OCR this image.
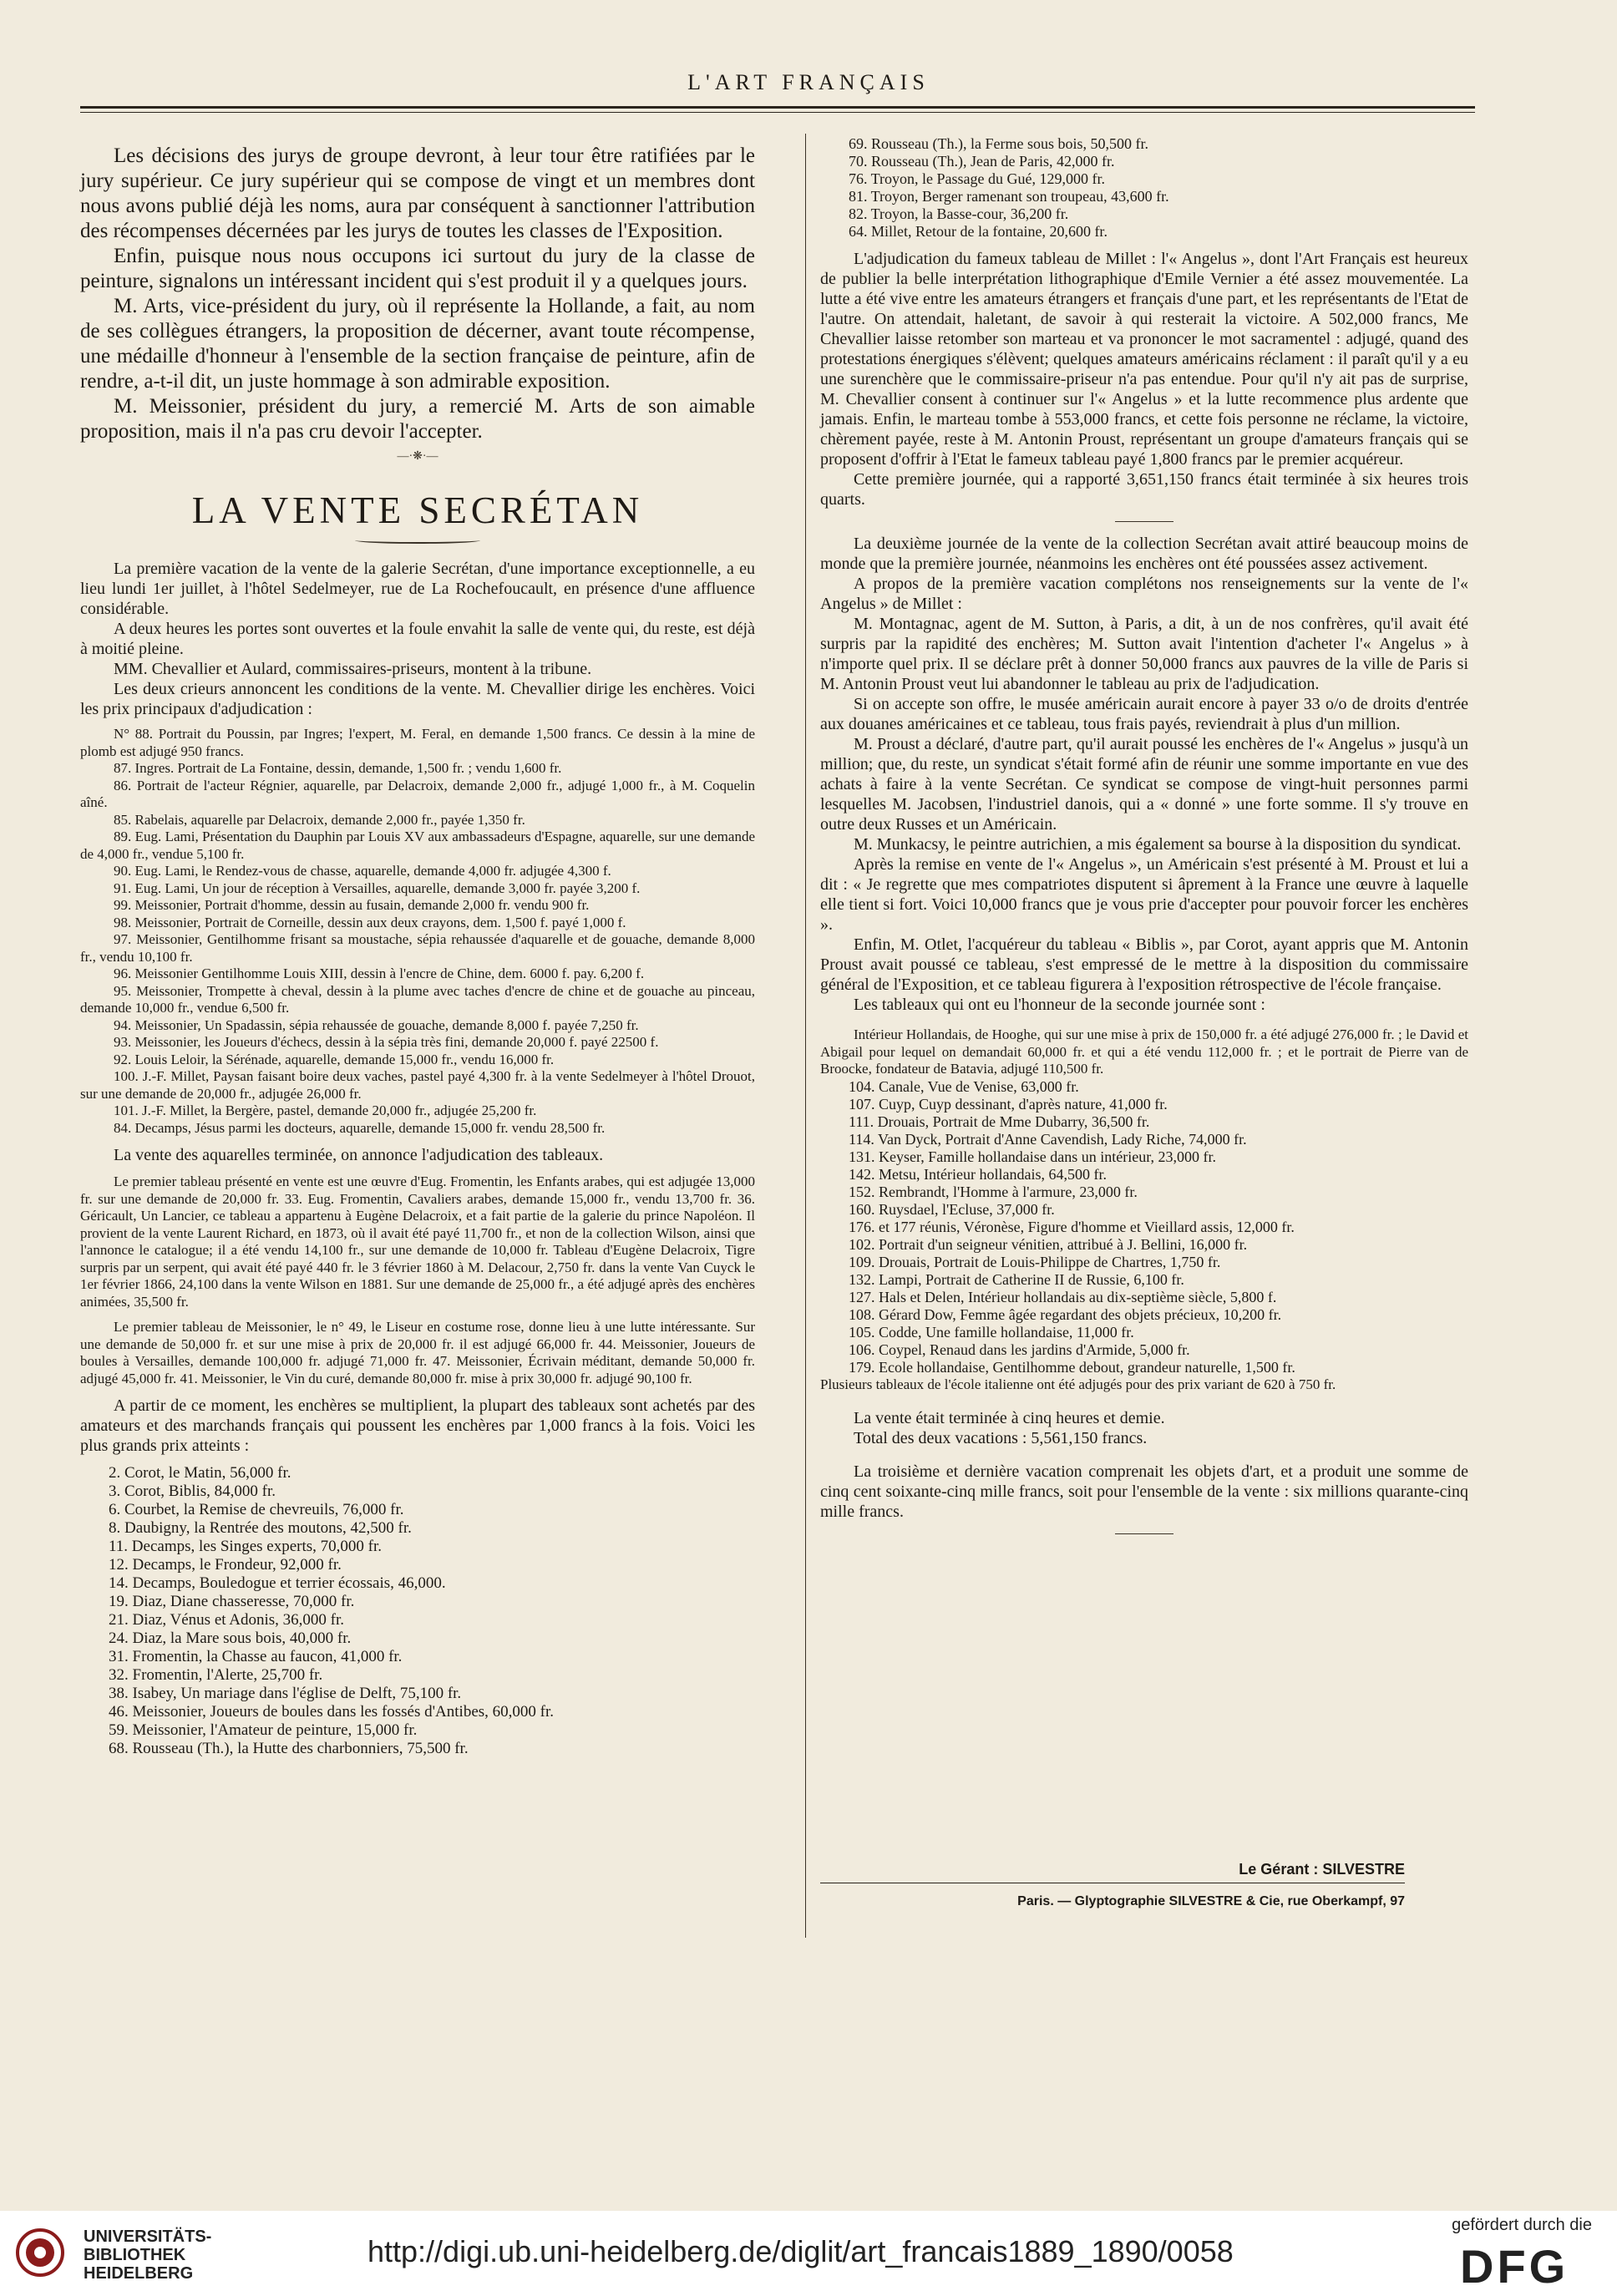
L'ART FRANÇAIS

Les décisions des jurys de groupe devront, à leur tour être ratifiées par le jury supérieur. Ce jury supérieur qui se compose de vingt et un membres dont nous avons publié déjà les noms, aura par conséquent à sanctionner l'attribution des récompenses décernées par les jurys de toutes les classes de l'Exposition.

Enfin, puisque nous nous occupons ici surtout du jury de la classe de peinture, signalons un intéressant incident qui s'est produit il y a quelques jours.

M. Arts, vice-président du jury, où il représente la Hollande, a fait, au nom de ses collègues étrangers, la proposition de décerner, avant toute récompense, une médaille d'honneur à l'ensemble de la section française de peinture, afin de rendre, a-t-il dit, un juste hommage à son admirable exposition.

M. Meissonier, président du jury, a remercié M. Arts de son aimable proposition, mais il n'a pas cru devoir l'accepter.

—·❋·—
LA VENTE SECRÉTAN

La première vacation de la vente de la galerie Secrétan, d'une importance exceptionnelle, a eu lieu lundi 1er juillet, à l'hôtel Sedelmeyer, rue de La Rochefoucault, en présence d'une affluence considérable.

A deux heures les portes sont ouvertes et la foule envahit la salle de vente qui, du reste, est déjà à moitié pleine.

MM. Chevallier et Aulard, commissaires-priseurs, montent à la tribune.

Les deux crieurs annoncent les conditions de la vente. M. Chevallier dirige les enchères. Voici les prix principaux d'adjudication :

N° 88. Portrait du Poussin, par Ingres; l'expert, M. Feral, en demande 1,500 francs. Ce dessin à la mine de plomb est adjugé 950 francs.

87. Ingres. Portrait de La Fontaine, dessin, demande, 1,500 fr. ; vendu 1,600 fr.

86. Portrait de l'acteur Régnier, aquarelle, par Delacroix, demande 2,000 fr., adjugé 1,000 fr., à M. Coquelin aîné.

85. Rabelais, aquarelle par Delacroix, demande 2,000 fr., payée 1,350 fr.

89. Eug. Lami, Présentation du Dauphin par Louis XV aux ambassadeurs d'Espagne, aquarelle, sur une demande de 4,000 fr., vendue 5,100 fr.

90. Eug. Lami, le Rendez-vous de chasse, aquarelle, demande 4,000 fr. adjugée 4,300 f.

91. Eug. Lami, Un jour de réception à Versailles, aquarelle, demande 3,000 fr. payée 3,200 f.

99. Meissonier, Portrait d'homme, dessin au fusain, demande 2,000 fr. vendu 900 fr.

98. Meissonier, Portrait de Corneille, dessin aux deux crayons, dem. 1,500 f. payé 1,000 f.

97. Meissonier, Gentilhomme frisant sa moustache, sépia rehaussée d'aquarelle et de gouache, demande 8,000 fr., vendu 10,100 fr.

96. Meissonier Gentilhomme Louis XIII, dessin à l'encre de Chine, dem. 6000 f. pay. 6,200 f.

95. Meissonier, Trompette à cheval, dessin à la plume avec taches d'encre de chine et de gouache au pinceau, demande 10,000 fr., vendue 6,500 fr.

94. Meissonier, Un Spadassin, sépia rehaussée de gouache, demande 8,000 f. payée 7,250 fr.

93. Meissonier, les Joueurs d'échecs, dessin à la sépia très fini, demande 20,000 f. payé 22500 f.

92. Louis Leloir, la Sérénade, aquarelle, demande 15,000 fr., vendu 16,000 fr.

100. J.-F. Millet, Paysan faisant boire deux vaches, pastel payé 4,300 fr. à la vente Sedelmeyer à l'hôtel Drouot, sur une demande de 20,000 fr., adjugée 26,000 fr.

101. J.-F. Millet, la Bergère, pastel, demande 20,000 fr., adjugée 25,200 fr.

84. Decamps, Jésus parmi les docteurs, aquarelle, demande 15,000 fr. vendu 28,500 fr.

La vente des aquarelles terminée, on annonce l'adjudication des tableaux.

Le premier tableau présenté en vente est une œuvre d'Eug. Fromentin, les Enfants arabes, qui est adjugée 13,000 fr. sur une demande de 20,000 fr. 33. Eug. Fromentin, Cavaliers arabes, demande 15,000 fr., vendu 13,700 fr. 36. Géricault, Un Lancier, ce tableau a appartenu à Eugène Delacroix, et a fait partie de la galerie du prince Napoléon. Il provient de la vente Laurent Richard, en 1873, où il avait été payé 11,700 fr., et non de la collection Wilson, ainsi que l'annonce le catalogue; il a été vendu 14,100 fr., sur une demande de 10,000 fr. Tableau d'Eugène Delacroix, Tigre surpris par un serpent, qui avait été payé 440 fr. le 3 février 1860 à M. Delacour, 2,750 fr. dans la vente Van Cuyck le 1er février 1866, 24,100 dans la vente Wilson en 1881. Sur une demande de 25,000 fr., a été adjugé après des enchères animées, 35,500 fr.

Le premier tableau de Meissonier, le n° 49, le Liseur en costume rose, donne lieu à une lutte intéressante. Sur une demande de 50,000 fr. et sur une mise à prix de 20,000 fr. il est adjugé 66,000 fr. 44. Meissonier, Joueurs de boules à Versailles, demande 100,000 fr. adjugé 71,000 fr. 47. Meissonier, Écrivain méditant, demande 50,000 fr. adjugé 45,000 fr. 41. Meissonier, le Vin du curé, demande 80,000 fr. mise à prix 30,000 fr. adjugé 90,100 fr.

A partir de ce moment, les enchères se multiplient, la plupart des tableaux sont achetés par des amateurs et des marchands français qui poussent les enchères par 1,000 francs à la fois. Voici les plus grands prix atteints :

2. Corot, le Matin, 56,000 fr.
3. Corot, Biblis, 84,000 fr.
6. Courbet, la Remise de chevreuils, 76,000 fr.
8. Daubigny, la Rentrée des moutons, 42,500 fr.
11. Decamps, les Singes experts, 70,000 fr.
12. Decamps, le Frondeur, 92,000 fr.
14. Decamps, Bouledogue et terrier écossais, 46,000.
19. Diaz, Diane chasseresse, 70,000 fr.
21. Diaz, Vénus et Adonis, 36,000 fr.
24. Diaz, la Mare sous bois, 40,000 fr.
31. Fromentin, la Chasse au faucon, 41,000 fr.
32. Fromentin, l'Alerte, 25,700 fr.
38. Isabey, Un mariage dans l'église de Delft, 75,100 fr.
46. Meissonier, Joueurs de boules dans les fossés d'Antibes, 60,000 fr.
59. Meissonier, l'Amateur de peinture, 15,000 fr.
68. Rousseau (Th.), la Hutte des charbonniers, 75,500 fr.
69. Rousseau (Th.), la Ferme sous bois, 50,500 fr.
70. Rousseau (Th.), Jean de Paris, 42,000 fr.
76. Troyon, le Passage du Gué, 129,000 fr.
81. Troyon, Berger ramenant son troupeau, 43,600 fr.
82. Troyon, la Basse-cour, 36,200 fr.
64. Millet, Retour de la fontaine, 20,600 fr.

L'adjudication du fameux tableau de Millet : l'« Angelus », dont l'Art Français est heureux de publier la belle interprétation lithographique d'Emile Vernier a été assez mouvementée. La lutte a été vive entre les amateurs étrangers et français d'une part, et les représentants de l'Etat de l'autre. On attendait, haletant, de savoir à qui resterait la victoire. A 502,000 francs, Me Chevallier laisse retomber son marteau et va prononcer le mot sacramentel : adjugé, quand des protestations énergiques s'élèvent; quelques amateurs américains réclament : il paraît qu'il y a eu une surenchère que le commissaire-priseur n'a pas entendue. Pour qu'il n'y ait pas de surprise, M. Chevallier consent à continuer sur l'« Angelus » et la lutte recommence plus ardente que jamais. Enfin, le marteau tombe à 553,000 francs, et cette fois personne ne réclame, la victoire, chèrement payée, reste à M. Antonin Proust, représentant un groupe d'amateurs français qui se proposent d'offrir à l'Etat le fameux tableau payé 1,800 francs par le premier acquéreur.

Cette première journée, qui a rapporté 3,651,150 francs était terminée à six heures trois quarts.

La deuxième journée de la vente de la collection Secrétan avait attiré beaucoup moins de monde que la première journée, néanmoins les enchères ont été poussées assez activement.

A propos de la première vacation complétons nos renseignements sur la vente de l'« Angelus » de Millet :

M. Montagnac, agent de M. Sutton, à Paris, a dit, à un de nos confrères, qu'il avait été surpris par la rapidité des enchères; M. Sutton avait l'intention d'acheter l'« Angelus » à n'importe quel prix. Il se déclare prêt à donner 50,000 francs aux pauvres de la ville de Paris si M. Antonin Proust veut lui abandonner le tableau au prix de l'adjudication.

Si on accepte son offre, le musée américain aurait encore à payer 33 o/o de droits d'entrée aux douanes américaines et ce tableau, tous frais payés, reviendrait à plus d'un million.

M. Proust a déclaré, d'autre part, qu'il aurait poussé les enchères de l'« Angelus » jusqu'à un million; que, du reste, un syndicat s'était formé afin de réunir une somme importante en vue des achats à faire à la vente Secrétan. Ce syndicat se compose de vingt-huit personnes parmi lesquelles M. Jacobsen, l'industriel danois, qui a « donné » une forte somme. Il s'y trouve en outre deux Russes et un Américain.

M. Munkacsy, le peintre autrichien, a mis également sa bourse à la disposition du syndicat.

Après la remise en vente de l'« Angelus », un Américain s'est présenté à M. Proust et lui a dit : « Je regrette que mes compatriotes disputent si âprement à la France une œuvre à laquelle elle tient si fort. Voici 10,000 francs que je vous prie d'accepter pour pouvoir forcer les enchères ».

Enfin, M. Otlet, l'acquéreur du tableau « Biblis », par Corot, ayant appris que M. Antonin Proust avait poussé ce tableau, s'est empressé de le mettre à la disposition du commissaire général de l'Exposition, et ce tableau figurera à l'exposition rétrospective de l'école française.

Les tableaux qui ont eu l'honneur de la seconde journée sont :

Intérieur Hollandais, de Hooghe, qui sur une mise à prix de 150,000 fr. a été adjugé 276,000 fr. ; le David et Abigail pour lequel on demandait 60,000 fr. et qui a été vendu 112,000 fr. ; et le portrait de Pierre van de Broocke, fondateur de Batavia, adjugé 110,500 fr.

104. Canale, Vue de Venise, 63,000 fr.
107. Cuyp, Cuyp dessinant, d'après nature, 41,000 fr.
111. Drouais, Portrait de Mme Dubarry, 36,500 fr.
114. Van Dyck, Portrait d'Anne Cavendish, Lady Riche, 74,000 fr.
131. Keyser, Famille hollandaise dans un intérieur, 23,000 fr.
142. Metsu, Intérieur hollandais, 64,500 fr.
152. Rembrandt, l'Homme à l'armure, 23,000 fr.
160. Ruysdael, l'Ecluse, 37,000 fr.
176. et 177 réunis, Véronèse, Figure d'homme et Vieillard assis, 12,000 fr.
102. Portrait d'un seigneur vénitien, attribué à J. Bellini, 16,000 fr.
109. Drouais, Portrait de Louis-Philippe de Chartres, 1,750 fr.
132. Lampi, Portrait de Catherine II de Russie, 6,100 fr.
127. Hals et Delen, Intérieur hollandais au dix-septième siècle, 5,800 f.
108. Gérard Dow, Femme âgée regardant des objets précieux, 10,200 fr.
105. Codde, Une famille hollandaise, 11,000 fr.
106. Coypel, Renaud dans les jardins d'Armide, 5,000 fr.
179. Ecole hollandaise, Gentilhomme debout, grandeur naturelle, 1,500 fr.

Plusieurs tableaux de l'école italienne ont été adjugés pour des prix variant de 620 à 750 fr.

La vente était terminée à cinq heures et demie.

Total des deux vacations : 5,561,150 francs.

La troisième et dernière vacation comprenait les objets d'art, et a produit une somme de cinq cent soixante-cinq mille francs, soit pour l'ensemble de la vente : six millions quarante-cinq mille francs.

Le Gérant : SILVESTRE
Paris. — Glyptographie SILVESTRE & Cie, rue Oberkampf, 97
UNIVERSITÄTS-
BIBLIOTHEK
HEIDELBERG
http://digi.ub.uni-heidelberg.de/diglit/art_francais1889_1890/0058
gefördert durch die
DFG
